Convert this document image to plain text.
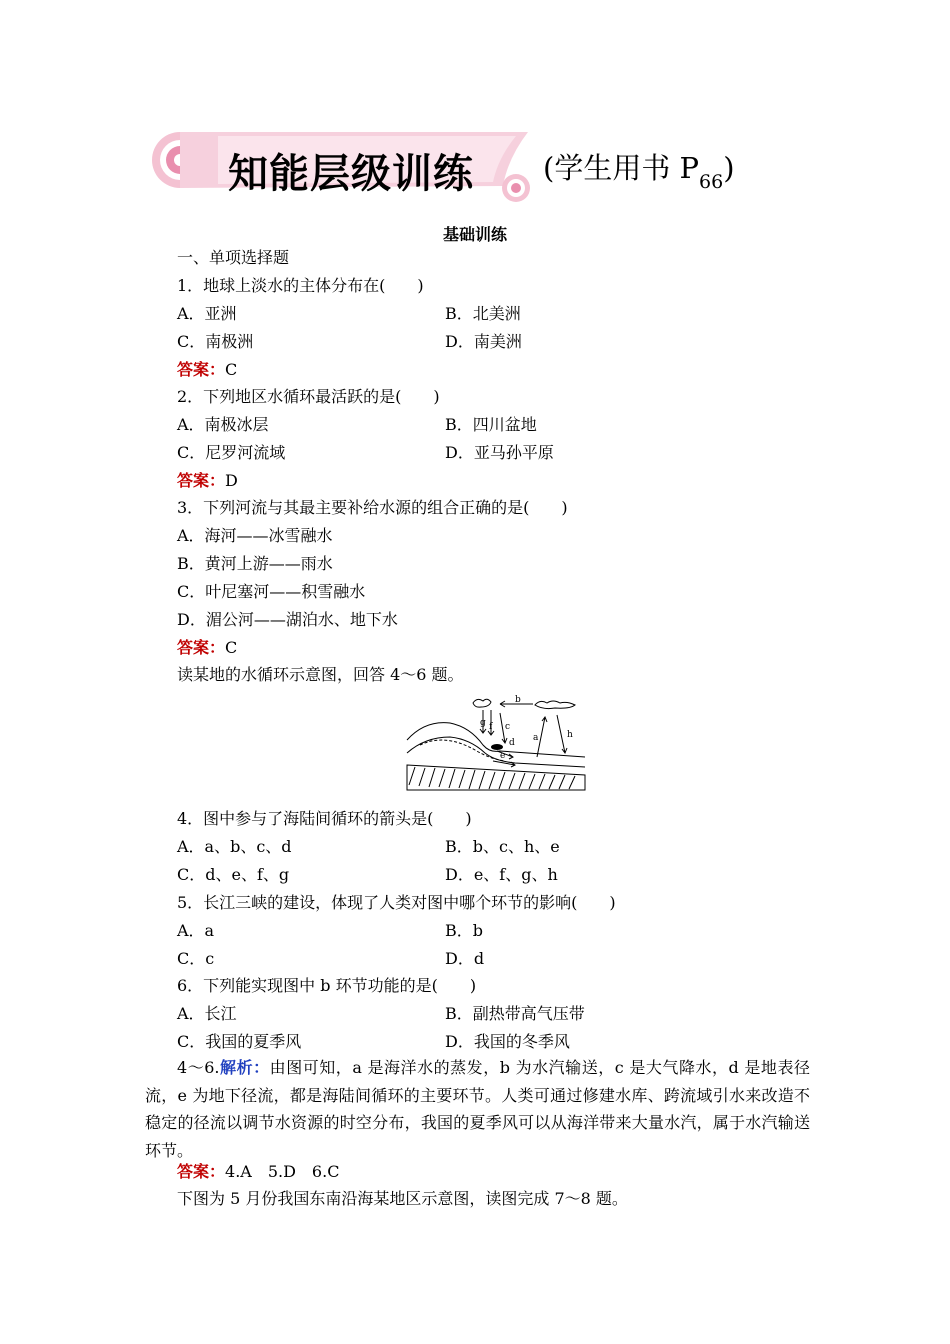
知能层级训练 (学生用书 $P_{66}$)
基础训练
一、单项选择题
1．地球上淡水的主体分布在(　　)
A．亚洲	B．北美洲
C．南极洲	D．南美洲
答案：C
2．下列地区水循环最活跃的是(　　)
A．南极冰层	B．四川盆地
C．尼罗河流域	D．亚马孙平原
答案：D
3．下列河流与其最主要补给水源的组合正确的是(　　)
A．海河——冰雪融水
B．黄河上游——雨水
C．叶尼塞河——积雪融水
D．湄公河——湖泊水、地下水
答案：C
读某地的水循环示意图，回答 4～6 题。
b
g f c
d
e
a	h
4．图中参与了海陆间循环的箭头是(　　)
A．a、b、c、d	B．b、c、h、e
C．d、e、f、g	D．e、f、g、h
5．长江三峡的建设，体现了人类对图中哪个环节的影响(　　)
A．a	B．b
C．c	D．d
6．下列能实现图中 b 环节功能的是(　　)
A．长江	B．副热带高气压带
C．我国的夏季风	D．我国的冬季风
4～6.解析：由图可知，a 是海洋水的蒸发，b 为水汽输送，c 是大气降水，d 是地表径流，e 为地下径流，都是海陆间循环的主要环节。人类可通过修建水库、跨流域引水来改造不稳定的径流以调节水资源的时空分布，我国的夏季风可以从海洋带来大量水汽，属于水汽输送环节。
答案：4.A　5.D　6.C
下图为 5 月份我国东南沿海某地区示意图，读图完成 7～8 题。
